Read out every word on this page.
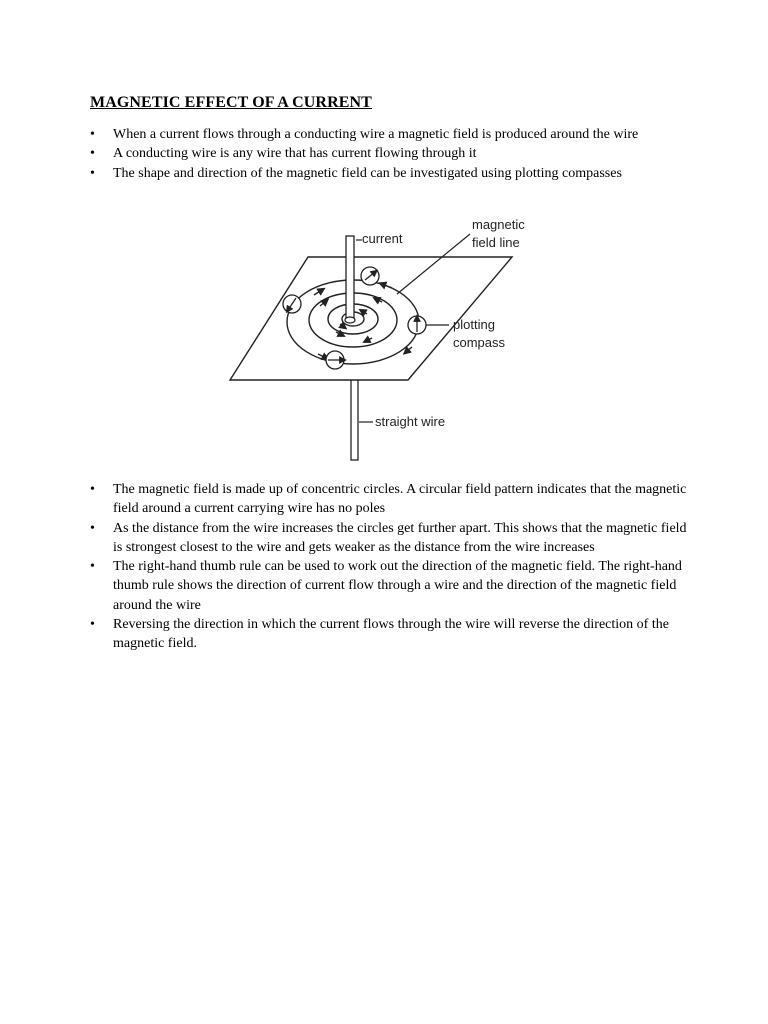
MAGNETIC EFFECT OF A CURRENT
• When a current flows through a conducting wire a magnetic field is produced around the wire
• A conducting wire is any wire that has current flowing through it
• The shape and direction of the magnetic field can be investigated using plotting compasses
current
magnetic
field line
plotting
compass
straight wire
• The magnetic field is made up of concentric circles. A circular field pattern indicates that the magnetic field around a current carrying wire has no poles
• As the distance from the wire increases the circles get further apart. This shows that the magnetic field is strongest closest to the wire and gets weaker as the distance from the wire increases
• The right-hand thumb rule can be used to work out the direction of the magnetic field. The right-hand thumb rule shows the direction of current flow through a wire and the direction of the magnetic field around the wire
• Reversing the direction in which the current flows through the wire will reverse the direction of the magnetic field.
